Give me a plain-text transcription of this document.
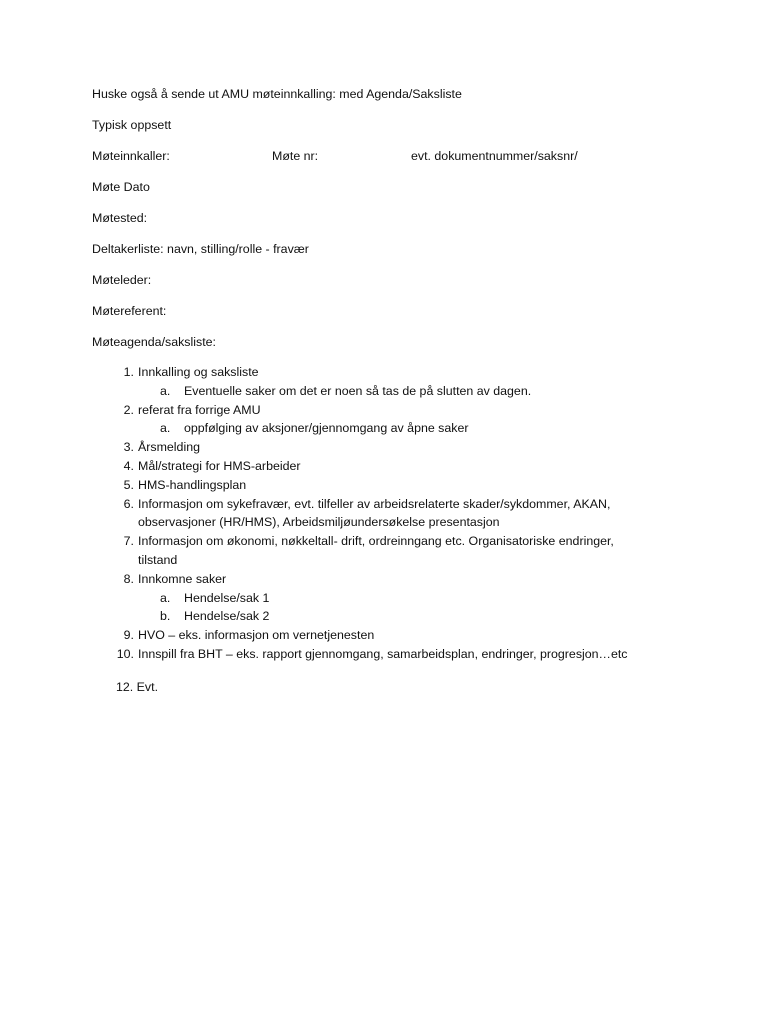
Huske også å sende ut AMU møteinnkalling: med Agenda/Saksliste
Typisk oppsett
Møteinnkaller:	Møte nr:	evt. dokumentnummer/saksnr/
Møte Dato
Møtested:
Deltakerliste: navn, stilling/rolle - fravær
Møteleder:
Møtereferent:
Møteagenda/saksliste:
1. Innkalling og saksliste
a. Eventuelle saker om det er noen så tas de på slutten av dagen.
2. referat fra forrige AMU
a. oppfølging av aksjoner/gjennomgang av åpne saker
3. Årsmelding
4. Mål/strategi for HMS-arbeider
5. HMS-handlingsplan
6. Informasjon om sykefravær, evt. tilfeller av arbeidsrelaterte skader/sykdommer, AKAN,
observasjoner (HR/HMS), Arbeidsmiljøundersøkelse presentasjon
7. Informasjon om økonomi, nøkkeltall- drift, ordreinngang etc. Organisatoriske endringer,
tilstand
8. Innkomne saker
a. Hendelse/sak 1
b. Hendelse/sak 2
9. HVO – eks. informasjon om vernetjenesten
10. Innspill fra BHT – eks. rapport gjennomgang, samarbeidsplan, endringer, progresjon…etc
12. Evt.
